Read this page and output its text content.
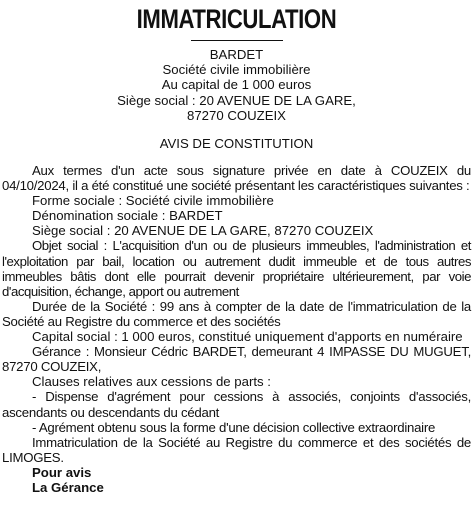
IMMATRICULATION
BARDET
Société civile immobilière
Au capital de 1 000 euros
Siège social : 20 AVENUE DE LA GARE,
87270 COUZEIX
AVIS DE CONSTITUTION

Aux termes d'un acte sous signature privée en date à COUZEIX du 04/10/2024, il a été constitué une société présentant les caractéristiques suivantes :

Forme sociale : Société civile immobilière

Dénomination sociale : BARDET

Siège social : 20 AVENUE DE LA GARE, 87270 COUZEIX

Objet social : L'acquisition d'un ou de plusieurs immeubles, l'administration et l'exploitation par bail, location ou autrement dudit immeuble et de tous autres immeubles bâtis dont elle pourrait devenir propriétaire ultérieurement, par voie d'acquisition, échange, apport ou autrement

Durée de la Société : 99 ans à compter de la date de l'immatriculation de la Société au Registre du commerce et des sociétés

Capital social : 1 000 euros, constitué uniquement d'apports en numéraire

Gérance : Monsieur Cédric BARDET, demeurant 4 IMPASSE DU MUGUET, 87270 COUZEIX,

Clauses relatives aux cessions de parts :

- Dispense d'agrément pour cessions à associés, conjoints d'associés, ascendants ou descendants du cédant

- Agrément obtenu sous la forme d'une décision collective extraordinaire

Immatriculation de la Société au Registre du commerce et des sociétés de LIMOGES.

Pour avis
La Gérance
